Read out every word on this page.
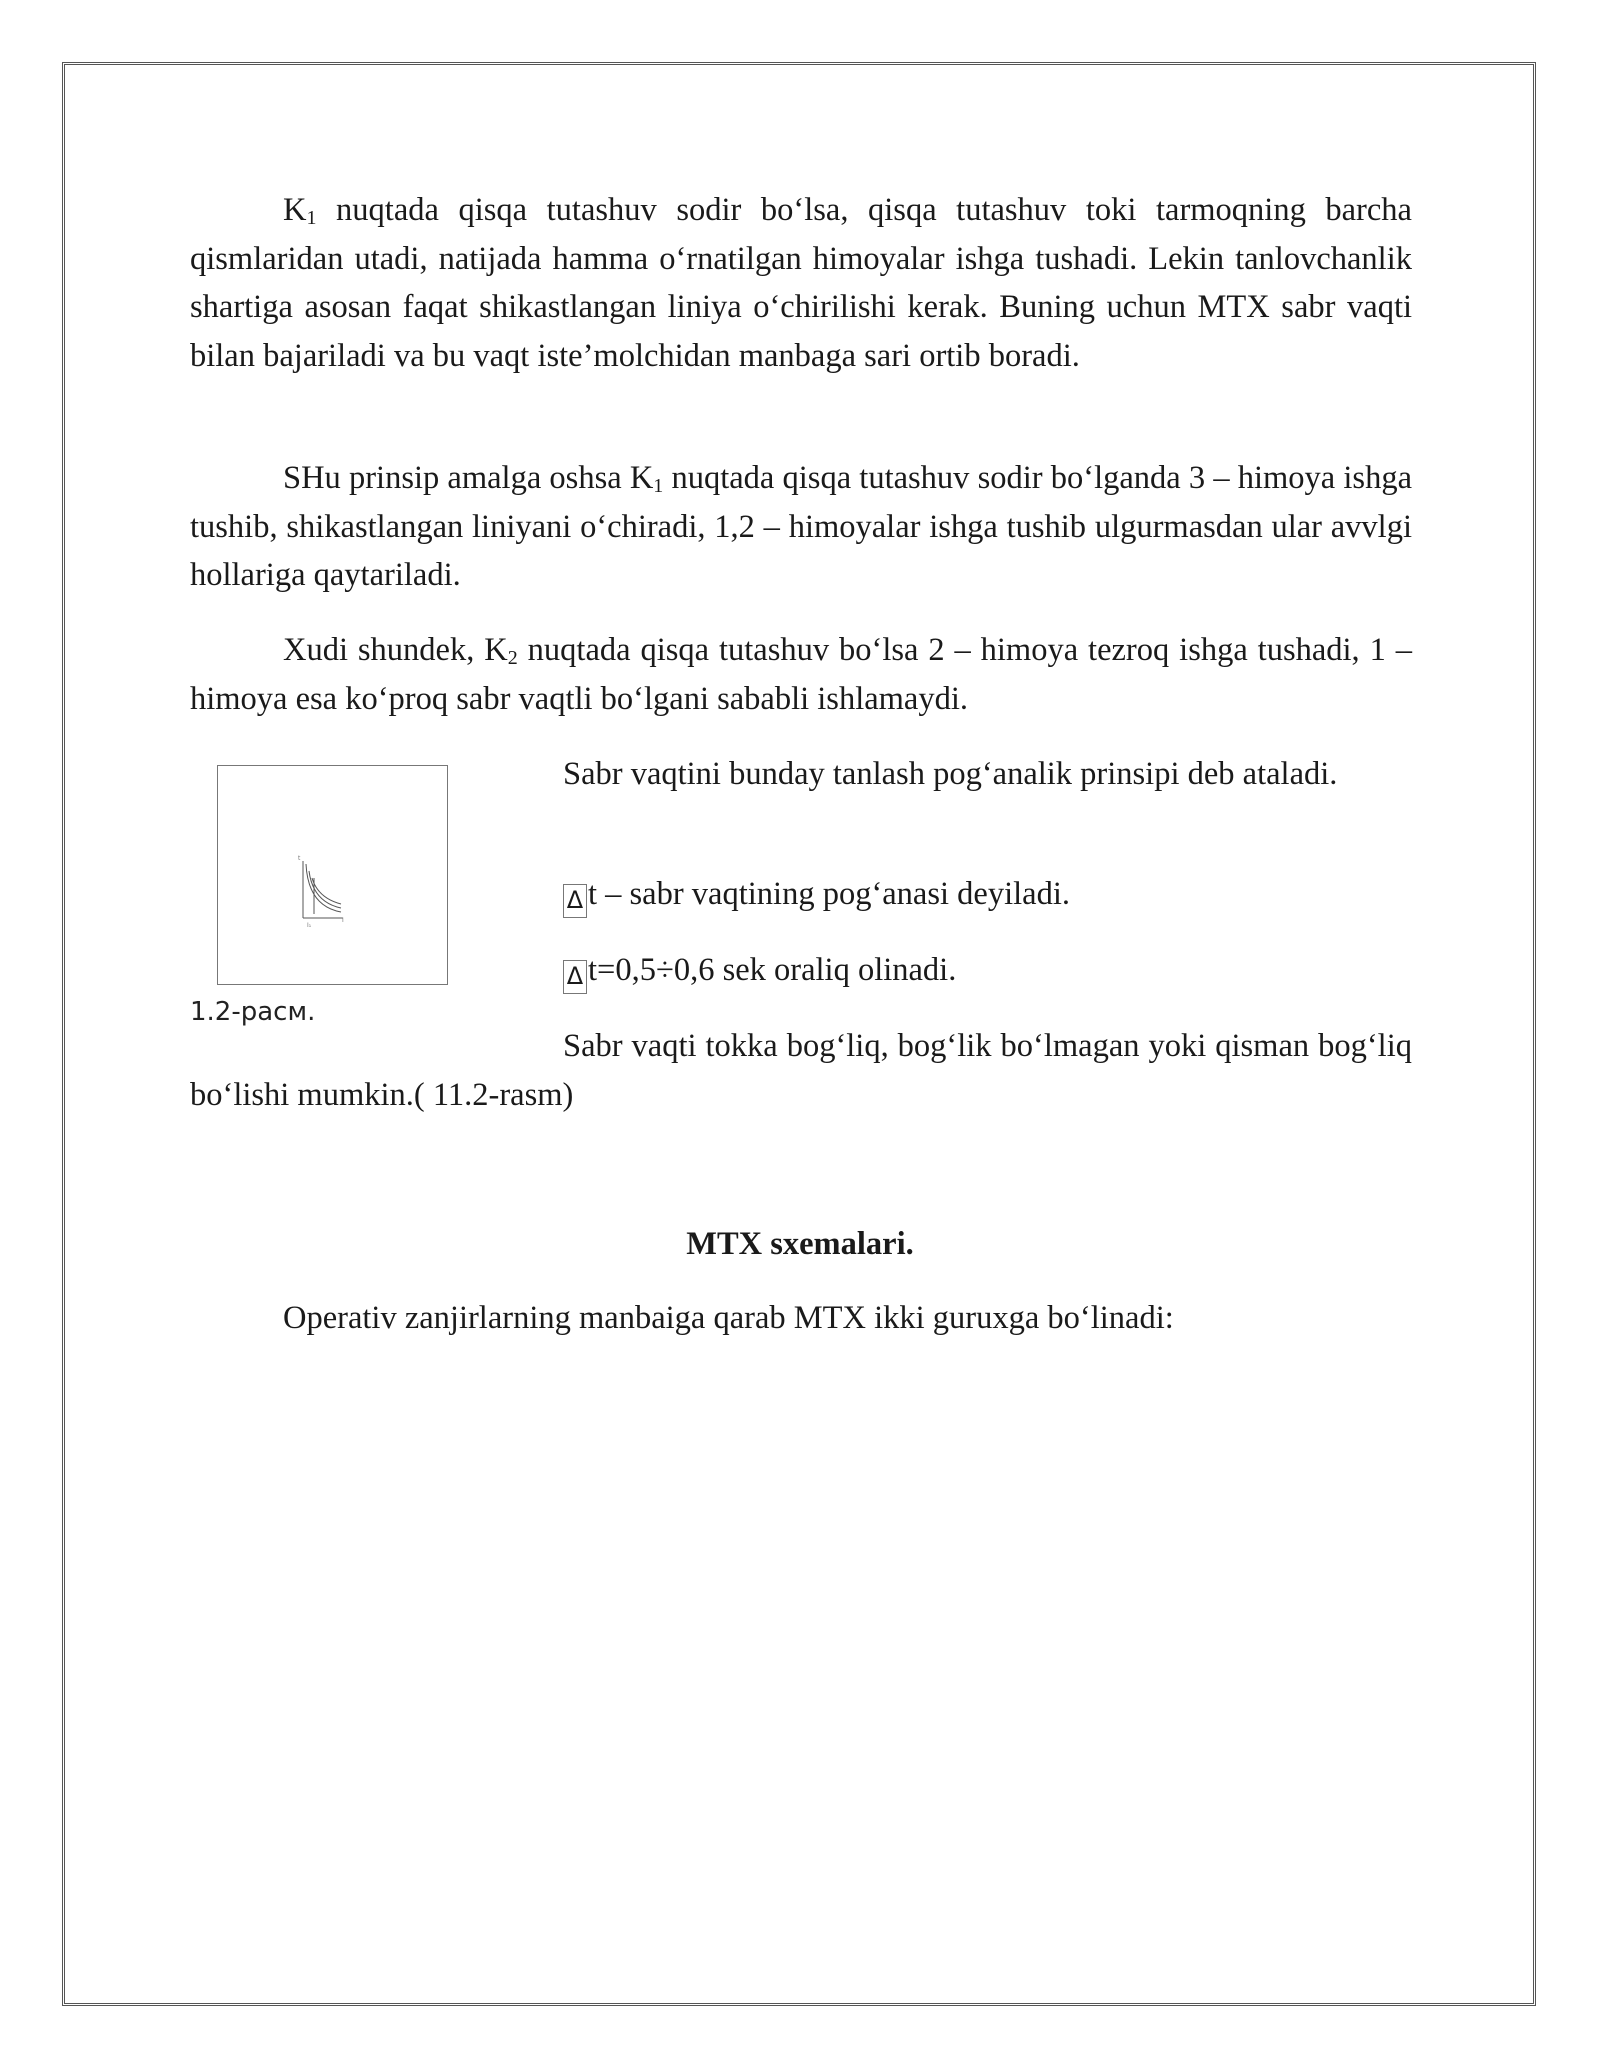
$K_1$ nuqtada qisqa tutashuv sodir bo‘lsa, qisqa tutashuv toki tarmoqning barcha qismlaridan utadi, natijada hamma o‘rnatilgan himoyalar ishga tushadi. Lekin tanlovchanlik shartiga asosan faqat shikastlangan liniya o‘chirilishi kerak. Buning uchun MTX sabr vaqti bilan bajariladi va bu vaqt iste’molchidan manbaga sari ortib boradi.

SHu prinsip amalga oshsa $K_1$ nuqtada qisqa tutashuv sodir bo‘lganda 3 – himoya ishga tushib, shikastlangan liniyani o‘chiradi, 1,2 – himoyalar ishga tushib ulgurmasdan ular avvlgi hollariga qaytariladi.

Xudi shundek, $K_2$ nuqtada qisqa tutashuv bo‘lsa 2 – himoya tezroq ishga tushadi, 1 – himoya esa ko‘proq sabr vaqtli bo‘lgani sababli ishlamaydi.

t
I
I₁
1.2-расм.
Sabr vaqtini bunday tanlash pog‘analik prinsipi deb ataladi.
Δ t – sabr vaqtining pog‘anasi deyiladi.
Δ t=0,5÷0,6 sek oraliq olinadi.
Sabr vaqti tokka bog‘liq, bog‘lik bo‘lmagan yoki qisman bog‘liq bo‘lishi mumkin.( 11.2-rasm)
MTX sxemalari.
Operativ zanjirlarning manbaiga qarab MTX ikki guruxga bo‘linadi:
